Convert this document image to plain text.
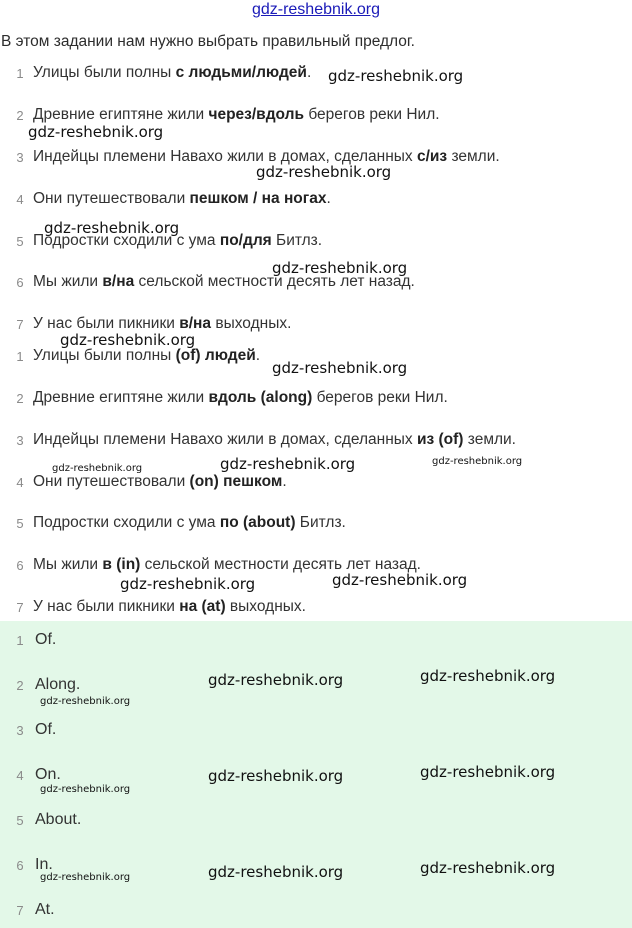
gdz-reshebnik.org
В этом задании нам нужно выбрать правильный предлог.
1 Улицы были полны с людьми/людей.
2 Древние египтяне жили через/вдоль берегов реки Нил.
3 Индейцы племени Навахо жили в домах, сделанных с/из земли.
4 Они путешествовали пешком / на ногах.
5 Подростки сходили с ума по/для Битлз.
6 Мы жили в/на сельской местности десять лет назад.
7 У нас были пикники в/на выходных.
1 Улицы были полны (of) людей.
2 Древние египтяне жили вдоль (along) берегов реки Нил.
3 Индейцы племени Навахо жили в домах, сделанных из (of) земли.
4 Они путешествовали (on) пешком.
5 Подростки сходили с ума по (about) Битлз.
6 Мы жили в (in) сельской местности десять лет назад.
7 У нас были пикники на (at) выходных.
1 Of.
2 Along.
3 Of.
4 On.
5 About.
6 In.
7 At.
gdz-reshebnik.org
gdz-reshebnik.org
gdz-reshebnik.org
gdz-reshebnik.org
gdz-reshebnik.org
gdz-reshebnik.org
gdz-reshebnik.org
gdz-reshebnik.org	gdz-reshebnik.org	gdz-reshebnik.org
gdz-reshebnik.org	gdz-reshebnik.org
gdz-reshebnik.org	gdz-reshebnik.org
gdz-reshebnik.org
gdz-reshebnik.org	gdz-reshebnik.org
gdz-reshebnik.org
gdz-reshebnik.org	gdz-reshebnik.org
gdz-reshebnik.org
